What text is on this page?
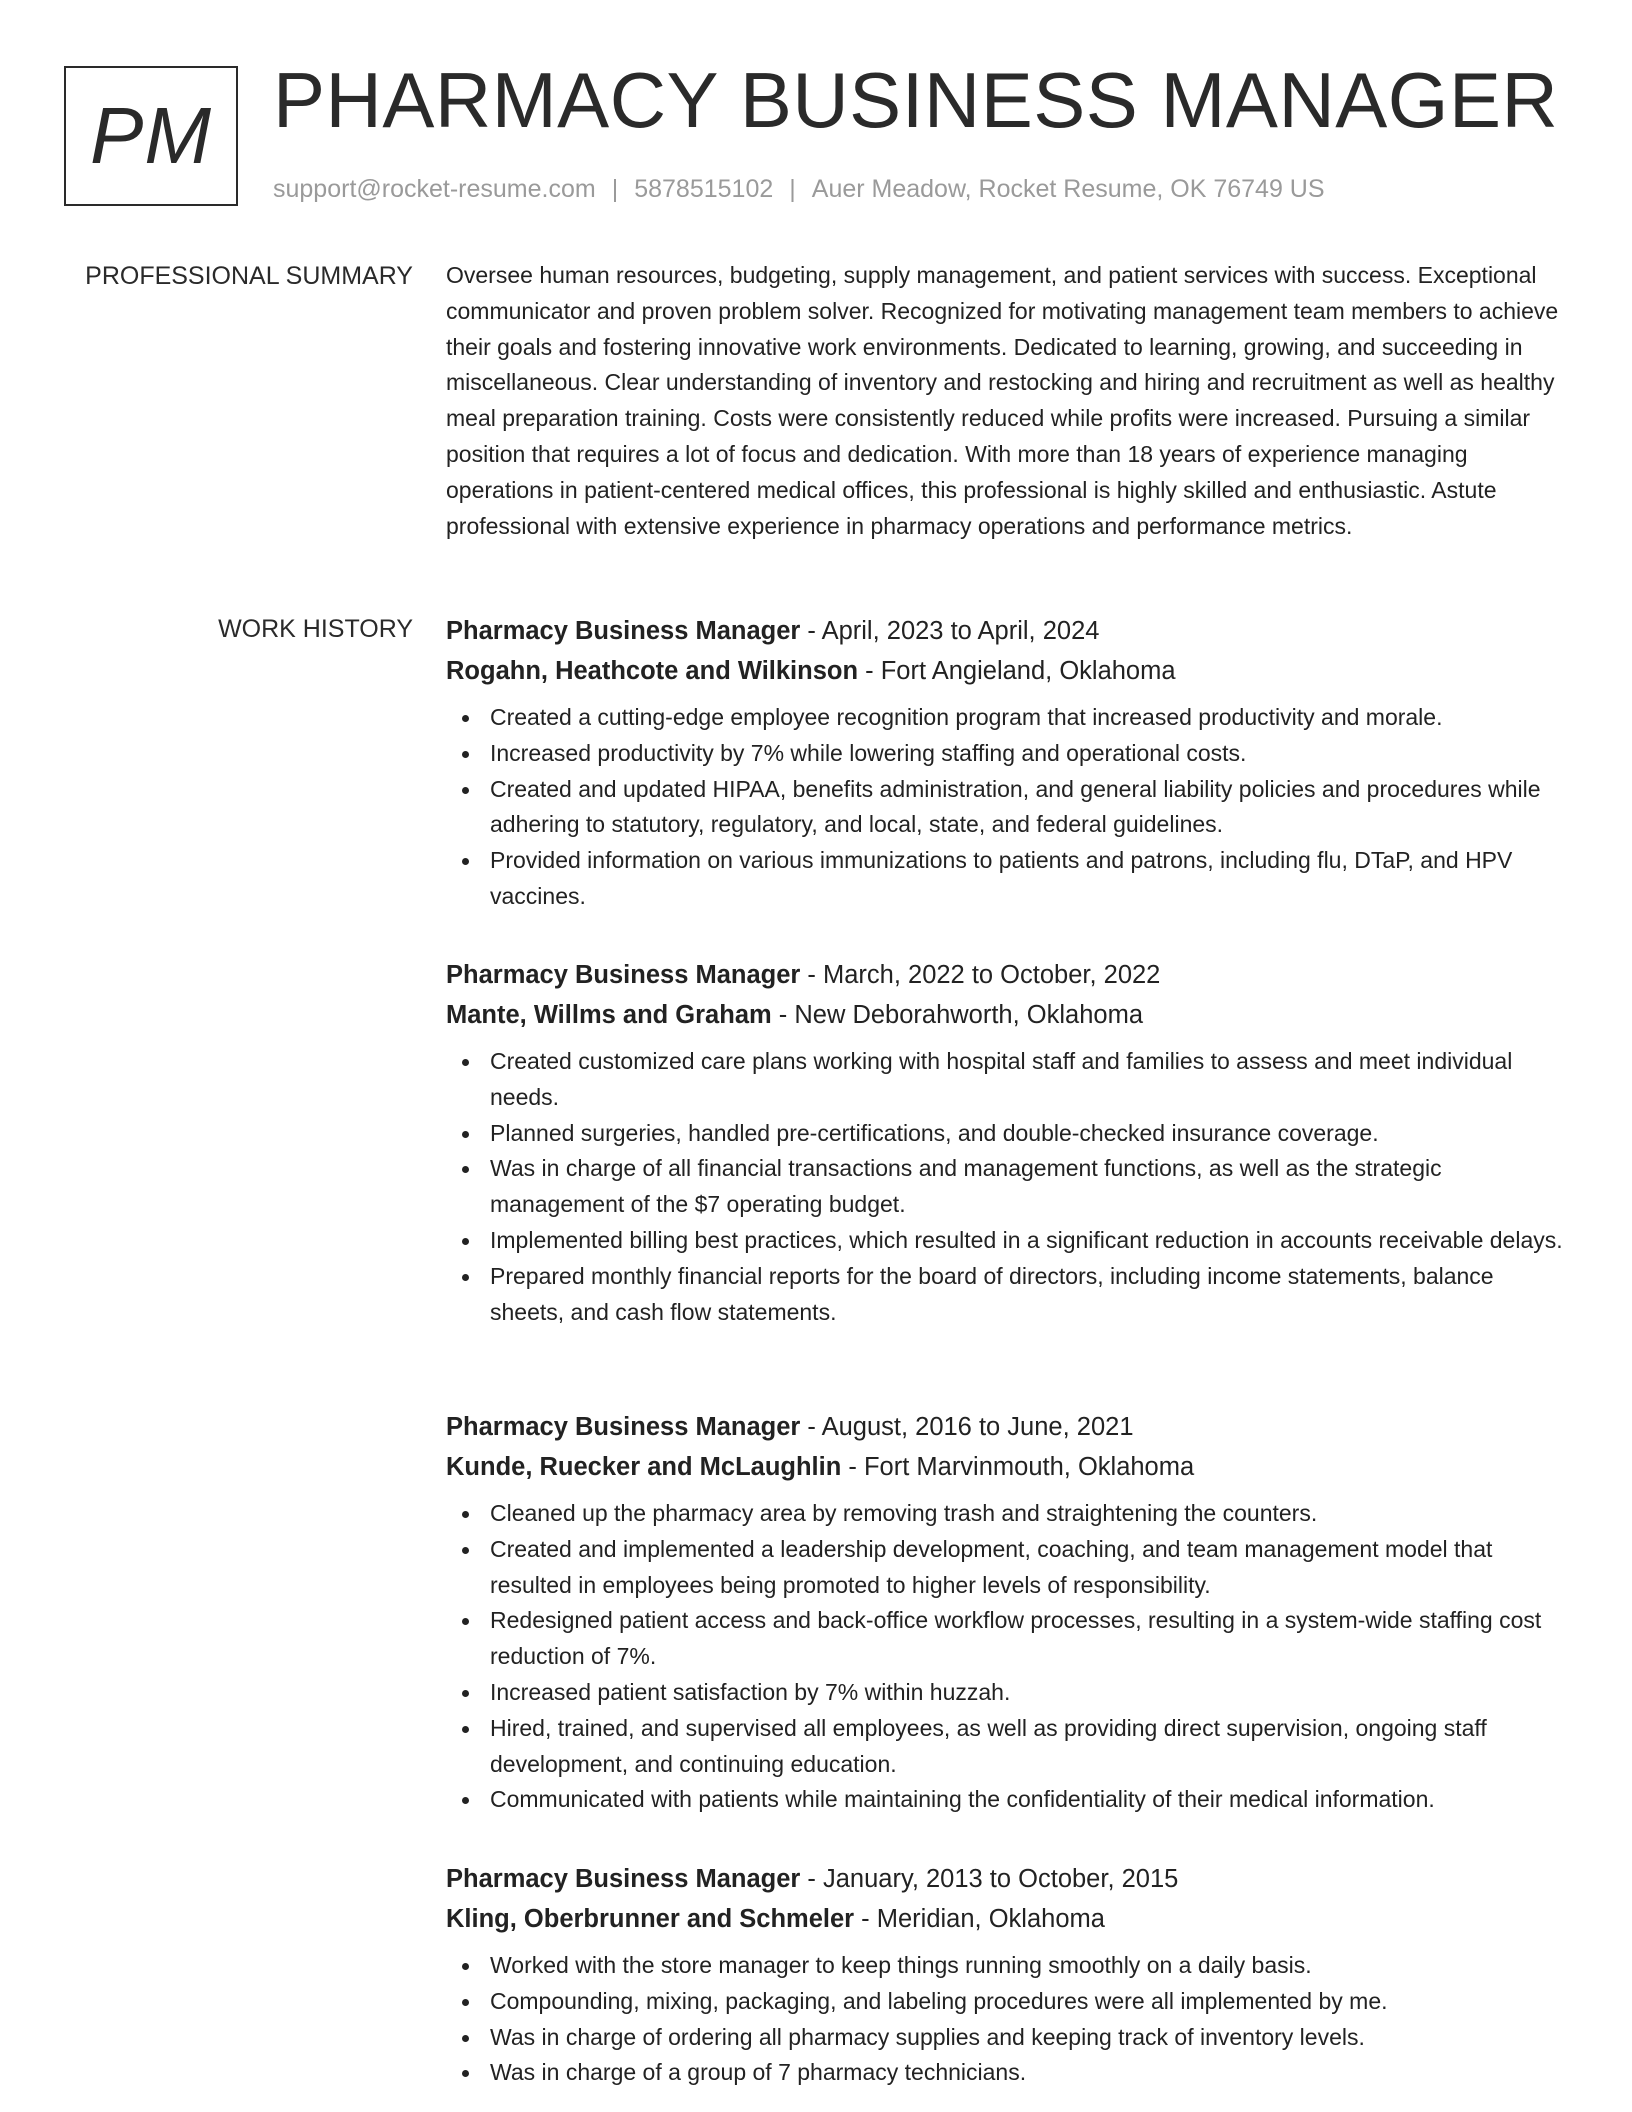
PM PHARMACY BUSINESS MANAGER
support@rocket-resume.com | 5878515102 | Auer Meadow, Rocket Resume, OK 76749 US
PROFESSIONAL SUMMARY Oversee human resources, budgeting, supply management, and patient services with success. Exceptional communicator and proven problem solver. Recognized for motivating management team members to achieve their goals and fostering innovative work environments. Dedicated to learning, growing, and succeeding in miscellaneous. Clear understanding of inventory and restocking and hiring and recruitment as well as healthy meal preparation training. Costs were consistently reduced while profits were increased. Pursuing a similar position that requires a lot of focus and dedication. With more than 18 years of experience managing operations in patient-centered medical offices, this professional is highly skilled and enthusiastic. Astute professional with extensive experience in pharmacy operations and performance metrics.

WORK HISTORY Pharmacy Business Manager - April, 2023 to April, 2024
Rogahn, Heathcote and Wilkinson - Fort Angieland, Oklahoma
Created a cutting-edge employee recognition program that increased productivity and morale.
Increased productivity by 7% while lowering staffing and operational costs.
Created and updated HIPAA, benefits administration, and general liability policies and procedures while adhering to statutory, regulatory, and local, state, and federal guidelines.
Provided information on various immunizations to patients and patrons, including flu, DTaP, and HPV vaccines.
Pharmacy Business Manager - March, 2022 to October, 2022
Mante, Willms and Graham - New Deborahworth, Oklahoma
Created customized care plans working with hospital staff and families to assess and meet individual needs.
Planned surgeries, handled pre-certifications, and double-checked insurance coverage.
Was in charge of all financial transactions and management functions, as well as the strategic management of the $7 operating budget.
Implemented billing best practices, which resulted in a significant reduction in accounts receivable delays.
Prepared monthly financial reports for the board of directors, including income statements, balance sheets, and cash flow statements.
Pharmacy Business Manager - August, 2016 to June, 2021
Kunde, Ruecker and McLaughlin - Fort Marvinmouth, Oklahoma
Cleaned up the pharmacy area by removing trash and straightening the counters.
Created and implemented a leadership development, coaching, and team management model that resulted in employees being promoted to higher levels of responsibility.
Redesigned patient access and back-office workflow processes, resulting in a system-wide staffing cost reduction of 7%.
Increased patient satisfaction by 7% within huzzah.
Hired, trained, and supervised all employees, as well as providing direct supervision, ongoing staff development, and continuing education.
Communicated with patients while maintaining the confidentiality of their medical information.
Pharmacy Business Manager - January, 2013 to October, 2015
Kling, Oberbrunner and Schmeler - Meridian, Oklahoma
Worked with the store manager to keep things running smoothly on a daily basis.
Compounding, mixing, packaging, and labeling procedures were all implemented by me.
Was in charge of ordering all pharmacy supplies and keeping track of inventory levels.
Was in charge of a group of 7 pharmacy technicians.
